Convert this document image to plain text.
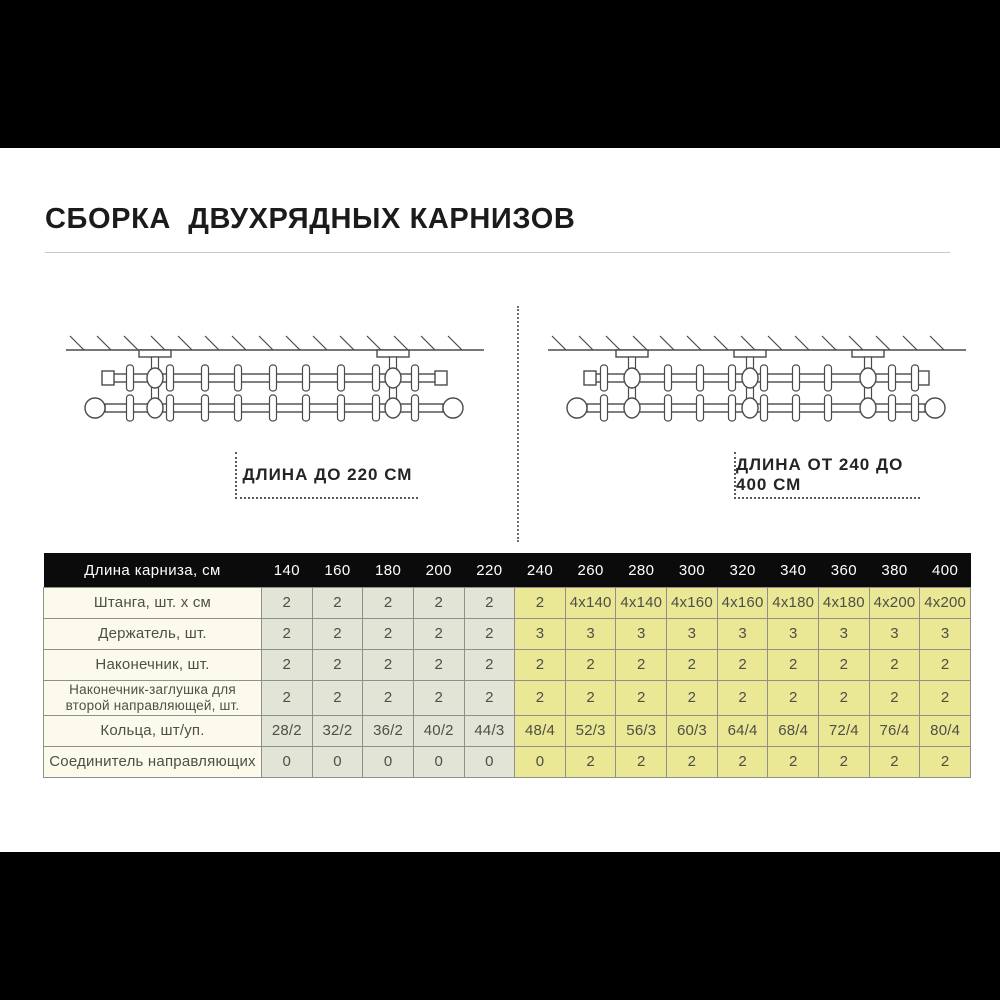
СБОРКА  ДВУХРЯДНЫХ КАРНИЗОВ
ДЛИНА ДО 220 СМ
ДЛИНА ОТ 240 ДО 400 СМ
Длина карниза, см	140	160	180	200	220	240	260	280	300	320	340	360	380	400
Штанга, шт. х см	2	2	2	2	2	2	4x140	4x140	4x160	4x160	4x180	4x180	4x200	4x200
Держатель, шт.	2	2	2	2	2	3	3	3	3	3	3	3	3	3
Наконечник, шт.	2	2	2	2	2	2	2	2	2	2	2	2	2	2
Наконечник-заглушка для второй направляющей, шт.	2	2	2	2	2	2	2	2	2	2	2	2	2	2
Кольца, шт/уп.	28/2	32/2	36/2	40/2	44/3	48/4	52/3	56/3	60/3	64/4	68/4	72/4	76/4	80/4
Соединитель направляющих	0	0	0	0	0	0	2	2	2	2	2	2	2	2
